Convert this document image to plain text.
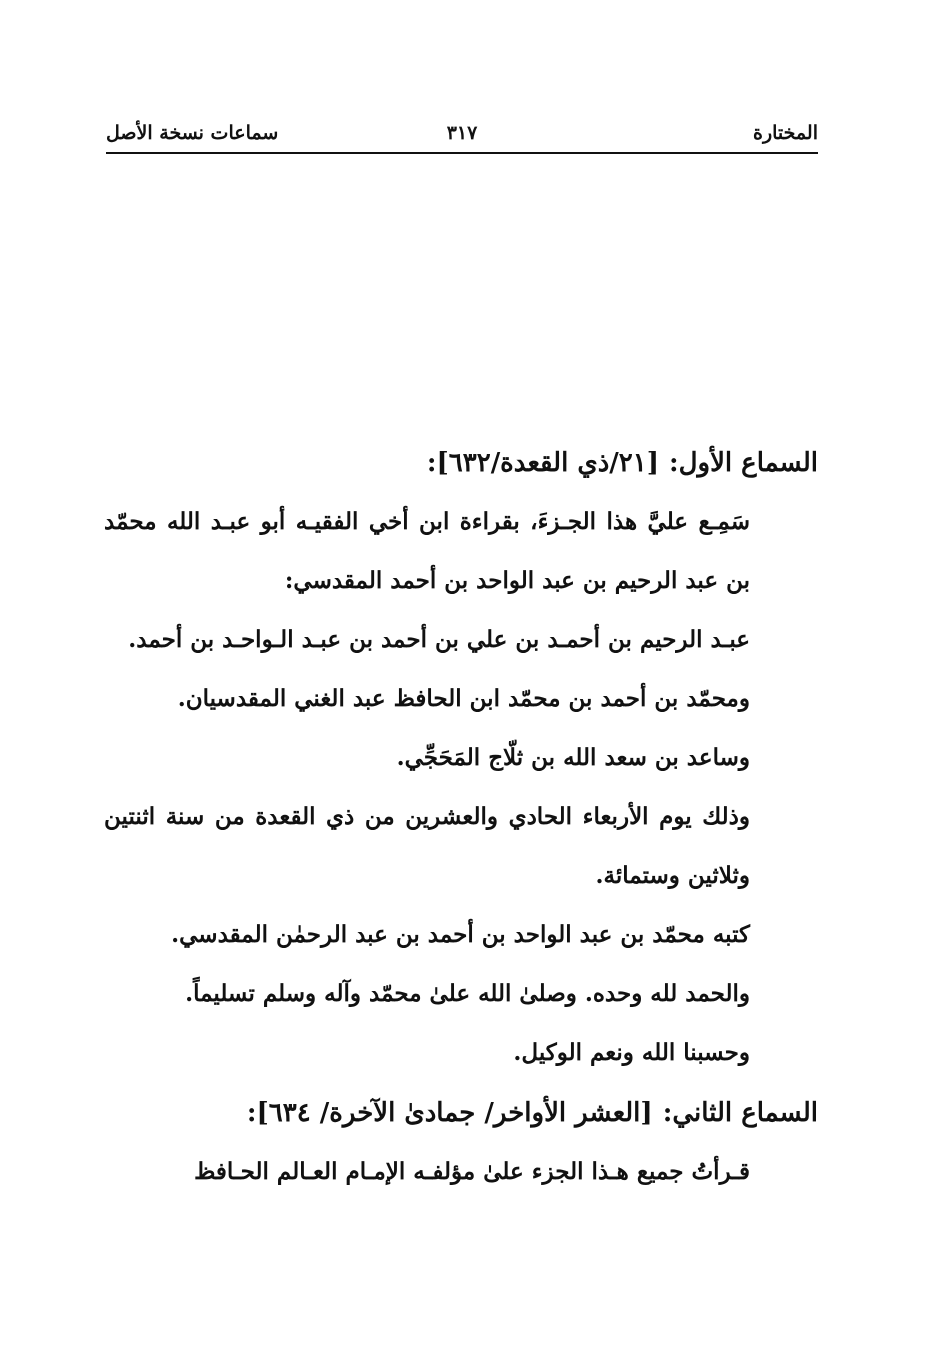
المختارة
٣١٧
سماعات نسخة الأصل
السماع الأول:[٢١/ذي القعدة/٦٣٢]:

سَمِـع عليَّ هذا الجـزءَ، بقراءة ابن أخي الفقيـه أبو عبـد الله محمّد بن عبد الرحيم بن عبد الواحد بن أحمد المقدسي:

عبـد الرحيم بن أحمـد بن علي بن أحمد بن عبـد الـواحـد بن أحمد.

ومحمّد بن أحمد بن محمّد ابن الحافظ عبد الغني المقدسيان.

وساعد بن سعد الله بن ثلّاج المَحَجِّي.

وذلك يوم الأربعاء الحادي والعشرين من ذي القعدة من سنة اثنتين وثلاثين وستمائة.

كتبه محمّد بن عبد الواحد بن أحمد بن عبد الرحمٰن المقدسي.

والحمد لله وحده. وصلىٰ الله علىٰ محمّد وآله وسلم تسليماً.

وحسبنا الله ونعم الوكيل.

السماع الثاني:[العشر الأواخر/ جمادىٰ الآخرة/ ٦٣٤]:

قـرأتُ جميع هـذا الجزء علىٰ مؤلفـه الإمـام العـالم الحـافظ
